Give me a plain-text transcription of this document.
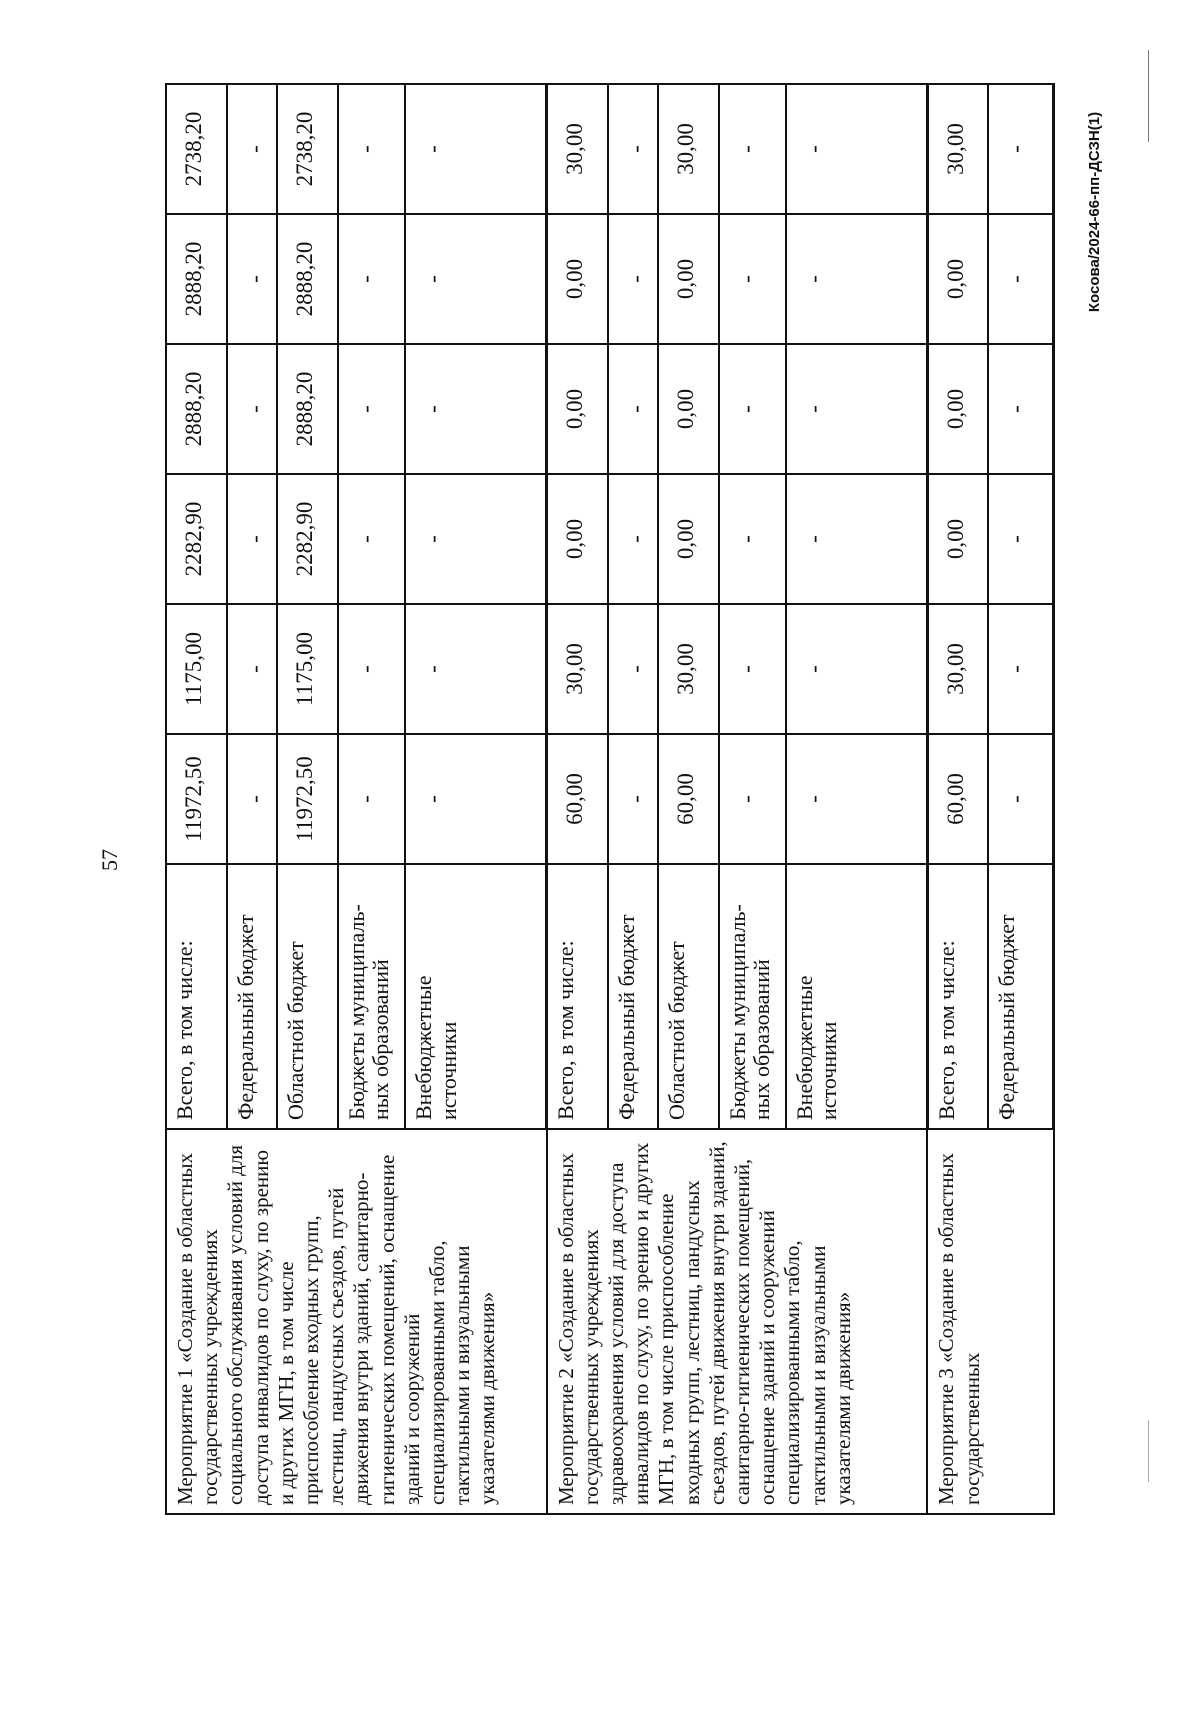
57
Косова/2024-66-пп-ДСЗН(1)
Мероприятие 1 «Создание в областных государственных учреждениях социального обслуживания условий для доступа инвалидов по слуху, по зрению и других МГН, в том числе приспособление входных групп, лестниц, пандусных съездов, путей движения внутри зданий, санитарно-гигиенических помещений, оснащение зданий и сооружений специализированными табло, тактильными и визуальными указателями движения»	Всего, в том числе:	11972,50	1175,00	2282,90	2888,20	2888,20	2738,20
	Федеральный бюджет	-	-	-	-	-	-
	Областной бюджет	11972,50	1175,00	2282,90	2888,20	2888,20	2738,20
	Бюджеты муниципаль-ных образований	-	-	-	-	-	-
	Внебюджетные источники	-	-	-	-	-	-
Мероприятие 2 «Создание в областных государственных учреждениях здравоохранения условий для доступа инвалидов по слуху, по зрению и других МГН, в том числе приспособление входных групп, лестниц, пандусных съездов, путей движения внутри зданий, санитарно-гигиенических помещений, оснащение зданий и сооружений специализированными табло, тактильными и визуальными указателями движения»	Всего, в том числе:	60,00	30,00	0,00	0,00	0,00	30,00
	Федеральный бюджет	-	-	-	-	-	-
	Областной бюджет	60,00	30,00	0,00	0,00	0,00	30,00
	Бюджеты муниципаль-ных образований	-	-	-	-	-	-
	Внебюджетные источники	-	-	-	-	-	-
Мероприятие 3 «Создание в областных государственных	Всего, в том числе:	60,00	30,00	0,00	0,00	0,00	30,00
	Федеральный бюджет	-	-	-	-	-	-
